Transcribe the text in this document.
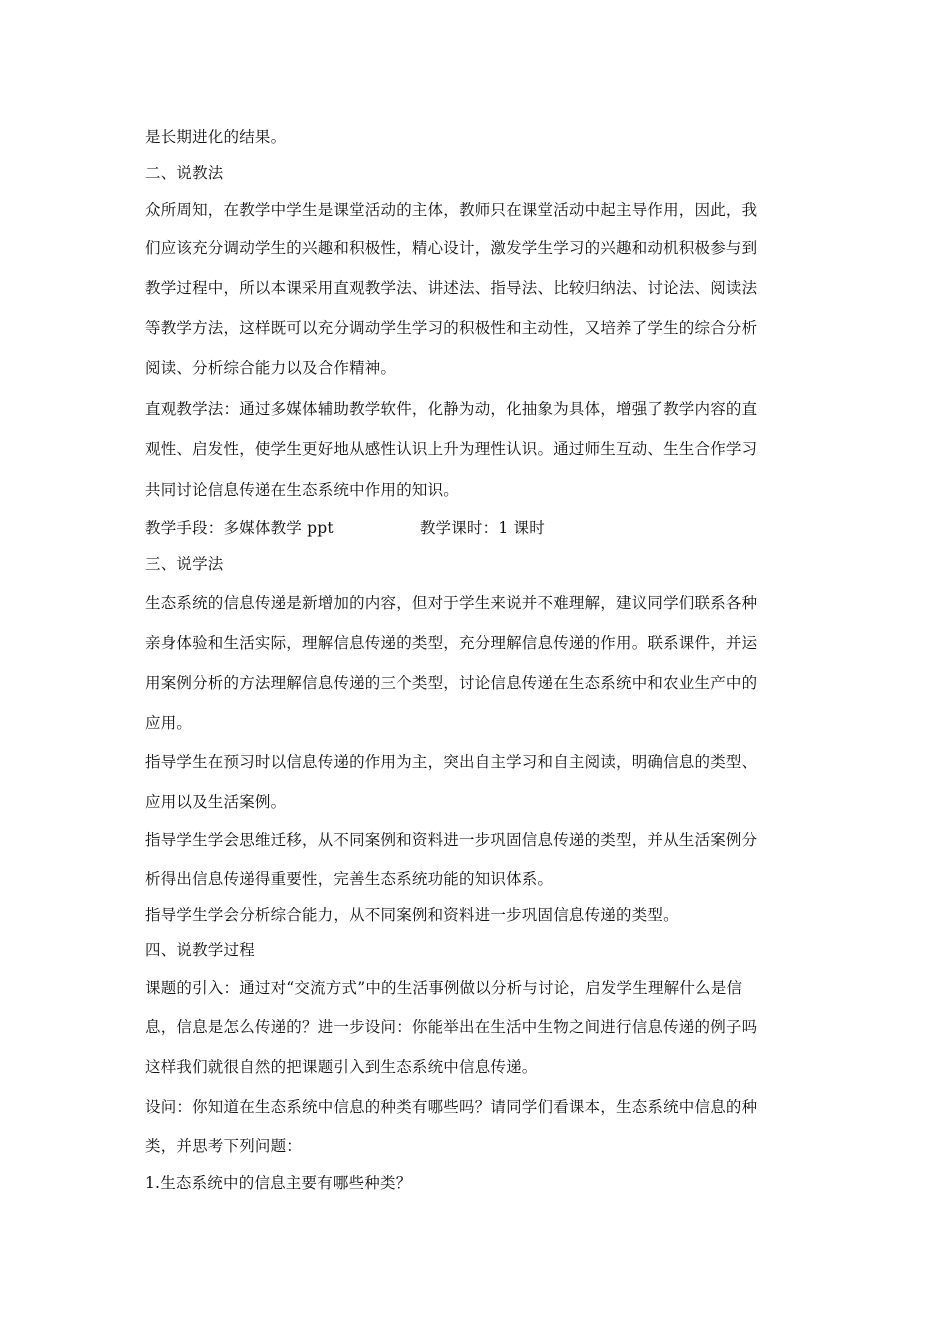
是长期进化的结果。
二、说教法
众所周知，在教学中学生是课堂活动的主体，教师只在课堂活动中起主导作用，因此，我
们应该充分调动学生的兴趣和积极性，精心设计，激发学生学习的兴趣和动机积极参与到
教学过程中，所以本课采用直观教学法、讲述法、指导法、比较归纳法、讨论法、阅读法
等教学方法，这样既可以充分调动学生学习的积极性和主动性，又培养了学生的综合分析
阅读、分析综合能力以及合作精神。
直观教学法：通过多媒体辅助教学软件，化静为动，化抽象为具体，增强了教学内容的直
观性、启发性，使学生更好地从感性认识上升为理性认识。通过师生互动、生生合作学习
共同讨论信息传递在生态系统中作用的知识。
教学手段：多媒体教学 ppt	教学课时：1 课时
三、说学法
生态系统的信息传递是新增加的内容，但对于学生来说并不难理解，建议同学们联系各种
亲身体验和生活实际，理解信息传递的类型，充分理解信息传递的作用。联系课件，并运
用案例分析的方法理解信息传递的三个类型，讨论信息传递在生态系统中和农业生产中的
应用。
指导学生在预习时以信息传递的作用为主，突出自主学习和自主阅读，明确信息的类型、
应用以及生活案例。
指导学生学会思维迁移，从不同案例和资料进一步巩固信息传递的类型，并从生活案例分
析得出信息传递得重要性，完善生态系统功能的知识体系。
指导学生学会分析综合能力，从不同案例和资料进一步巩固信息传递的类型。
四、说教学过程
课题的引入：通过对“交流方式”中的生活事例做以分析与讨论，启发学生理解什么是信
息，信息是怎么传递的？进一步设问：你能举出在生活中生物之间进行信息传递的例子吗
这样我们就很自然的把课题引入到生态系统中信息传递。
设问：你知道在生态系统中信息的种类有哪些吗？请同学们看课本，生态系统中信息的种
类，并思考下列问题：
1.生态系统中的信息主要有哪些种类？
